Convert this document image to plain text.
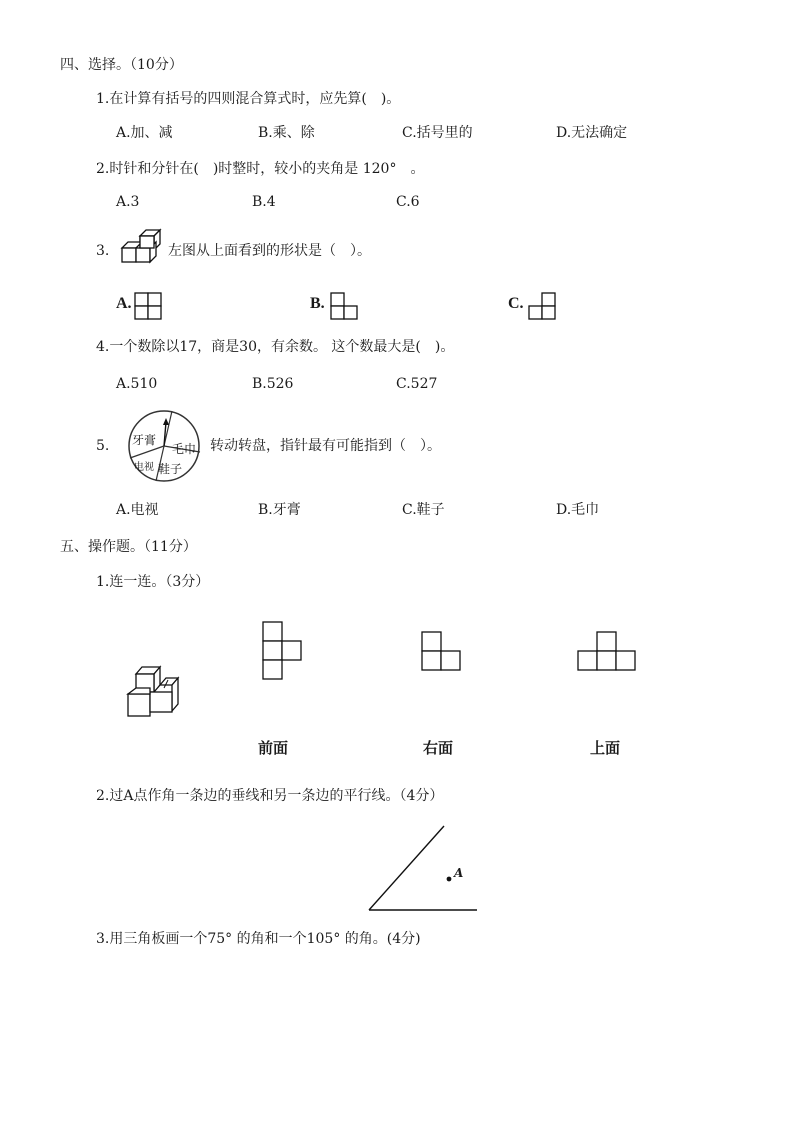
四、选择。（10分）
1.在计算有括号的四则混合算式时，应先算(　)。
A.加、减	B.乘、除	C.括号里的	D.无法确定
2.时针和分针在(　)时整时，较小的夹角是 120°　。
A.3	B.4	C.6
3.	左图从上面看到的形状是（　）。
A.	B.	C.
4.一个数除以17，商是30，有余数。 这个数最大是(　)。
A.510	B.526	C.527
5. 牙膏
毛巾
电视 鞋子
转动转盘，指针最有可能指到（　）。
A.电视	B.牙膏	C.鞋子	D.毛巾
五、操作题。（11分）
1.连一连。（3分）
前面	右面	上面
2.过A点作角一条边的垂线和另一条边的平行线。（4分）
A
3.用三角板画一个75° 的角和一个105° 的角。(4分)
